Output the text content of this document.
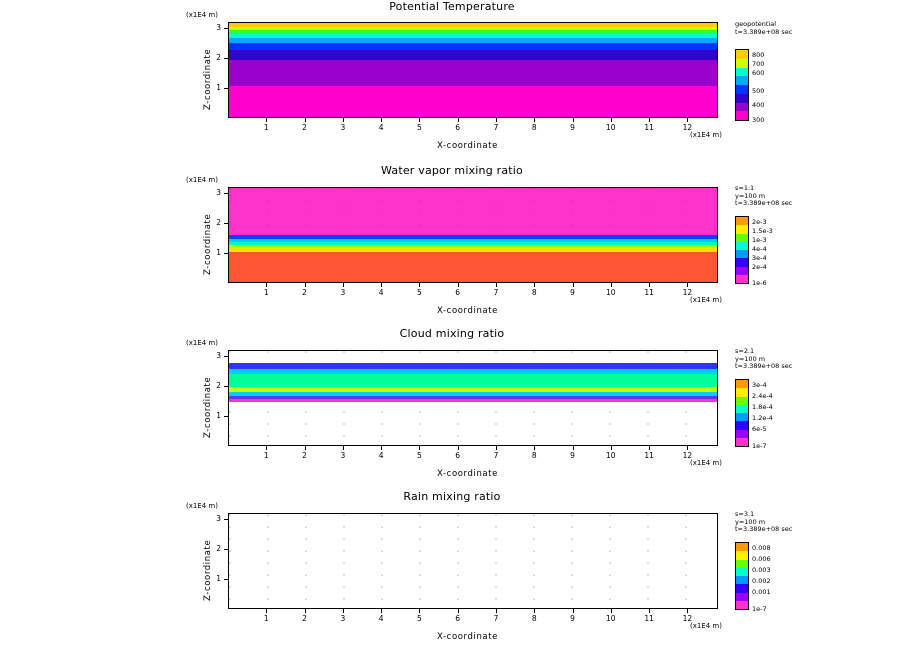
Potential Temperature
(x1E4 m)
Z-coordinate
(x1E4 m)
X-coordinate
geopotential
t=3.389e+08 sec
800
700
600
500
400
300
Water vapor mixing ratio
(x1E4 m)
Z-coordinate
(x1E4 m)
X-coordinate
s=1.1
y=100 m
t=3.389e+08 sec
2e-3
1.5e-3
1e-3
4e-4
3e-4
2e-4
1e-6
Cloud mixing ratio
(x1E4 m)
Z-coordinate
(x1E4 m)
X-coordinate
s=2.1
y=100 m
t=3.389e+08 sec
3e-4
2.4e-4
1.8e-4
1.2e-4
6e-5
1e-7
Rain mixing ratio
(x1E4 m)
Z-coordinate
(x1E4 m)
X-coordinate
s=3.1
y=100 m
t=3.389e+08 sec
0.008
0.006
0.003
0.002
0.001
1e-7
1	2	3	4	5	6	7	8	9	10	11	12
1
2
3
1	2	3	4	5	6	7	8	9	10	11	12
1
2
3
1	2	3	4	5	6	7	8	9	10	11	12
1
2
3
1	2	3	4	5	6	7	8	9	10	11	12
1
2
3
